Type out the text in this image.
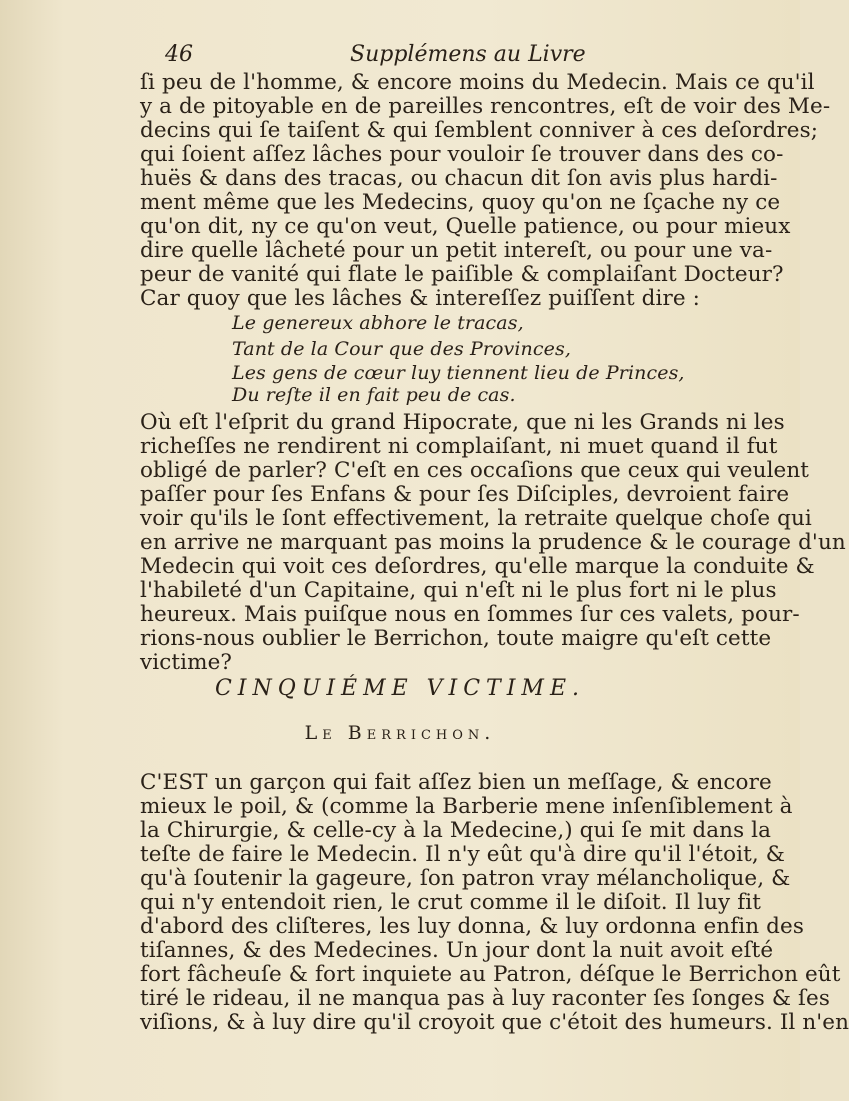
46	Supplémens au Livre
ſi peu de l'homme, & encore moins du Medecin. Mais ce qu'il
y a de pitoyable en de pareilles rencontres, eſt de voir des Me-
decins qui ſe taiſent & qui ſemblent conniver à ces deſordres;
qui ſoient aſſez lâches pour vouloir ſe trouver dans des co-
huës & dans des tracas, ou chacun dit ſon avis plus hardi-
ment même que les Medecins, quoy qu'on ne ſçache ny ce
qu'on dit, ny ce qu'on veut, Quelle patience, ou pour mieux
dire quelle lâcheté pour un petit intereſt, ou pour une va-
peur de vanité qui flate le paiſible & complaiſant Docteur?
Car quoy que les lâches & intereſſez puiſſent dire :
Le genereux abhore le tracas,
Tant de la Cour que des Provinces,
Les gens de cœur luy tiennent lieu de Princes,
Du reſte il en fait peu de cas.
Où eſt l'eſprit du grand Hipocrate, que ni les Grands ni les
richeſſes ne rendirent ni complaiſant, ni muet quand il fut
obligé de parler? C'eſt en ces occaſions que ceux qui veulent
paſſer pour ſes Enfans & pour ſes Diſciples, devroient faire
voir qu'ils le ſont effectivement, la retraite quelque choſe qui
en arrive ne marquant pas moins la prudence & le courage d'un
Medecin qui voit ces deſordres, qu'elle marque la conduite &
l'habileté d'un Capitaine, qui n'eſt ni le plus fort ni le plus
heureux. Mais puiſque nous en ſommes ſur ces valets, pour-
rions-nous oublier le Berrichon, toute maigre qu'eſt cette
victime?
CINQUIÉME VICTIME.
Le Berrichon.
C'EST un garçon qui fait aſſez bien un meſſage, & encore
mieux le poil, & (comme la Barberie mene inſenſiblement à
la Chirurgie, & celle-cy à la Medecine,) qui ſe mit dans la
teſte de faire le Medecin. Il n'y eût qu'à dire qu'il l'étoit, &
qu'à ſoutenir la gageure, ſon patron vray mélancholique, &
qui n'y entendoit rien, le crut comme il le diſoit. Il luy fit
d'abord des cliſteres, les luy donna, & luy ordonna enfin des
tiſannes, & des Medecines. Un jour dont la nuit avoit eſté
fort fâcheuſe & fort inquiete au Patron, déſque le Berrichon eût
tiré le rideau, il ne manqua pas à luy raconter ſes ſonges & ſes
viſions, & à luy dire qu'il croyoit que c'étoit des humeurs. Il n'en
